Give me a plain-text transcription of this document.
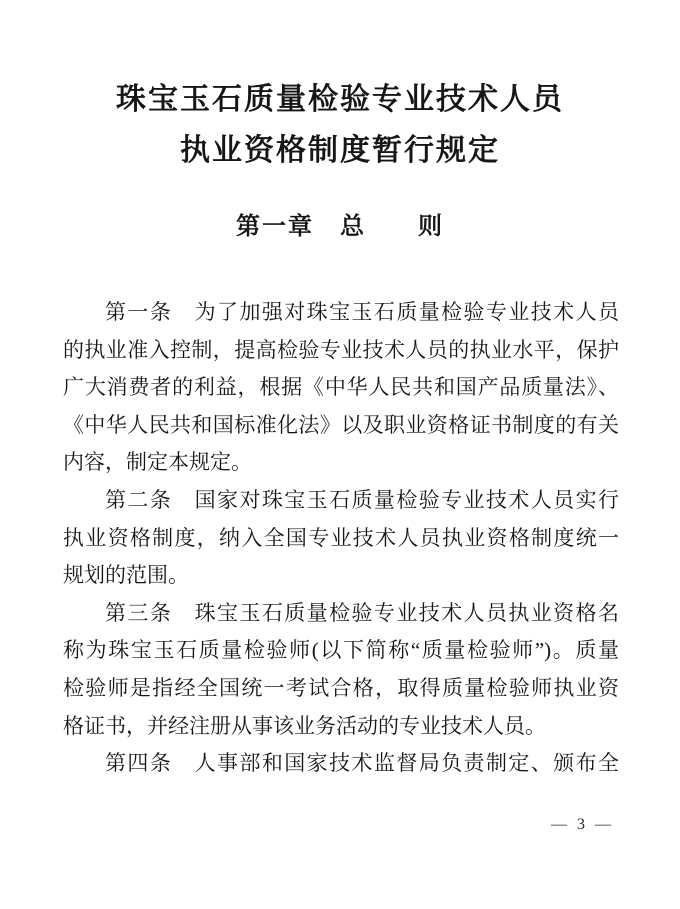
珠宝玉石质量检验专业技术人员
执业资格制度暂行规定
第一章　总　　则
第一条　为了加强对珠宝玉石质量检验专业技术人员
的执业准入控制，提高检验专业技术人员的执业水平，保护
广大消费者的利益，根据《中华人民共和国产品质量法》、
《中华人民共和国标准化法》以及职业资格证书制度的有关
内容，制定本规定。
第二条　国家对珠宝玉石质量检验专业技术人员实行
执业资格制度，纳入全国专业技术人员执业资格制度统一
规划的范围。
第三条　珠宝玉石质量检验专业技术人员执业资格名
称为珠宝玉石质量检验师(以下简称“质量检验师”)。质量
检验师是指经全国统一考试合格，取得质量检验师执业资
格证书，并经注册从事该业务活动的专业技术人员。
第四条　人事部和国家技术监督局负责制定、颁布全
— 3 —
